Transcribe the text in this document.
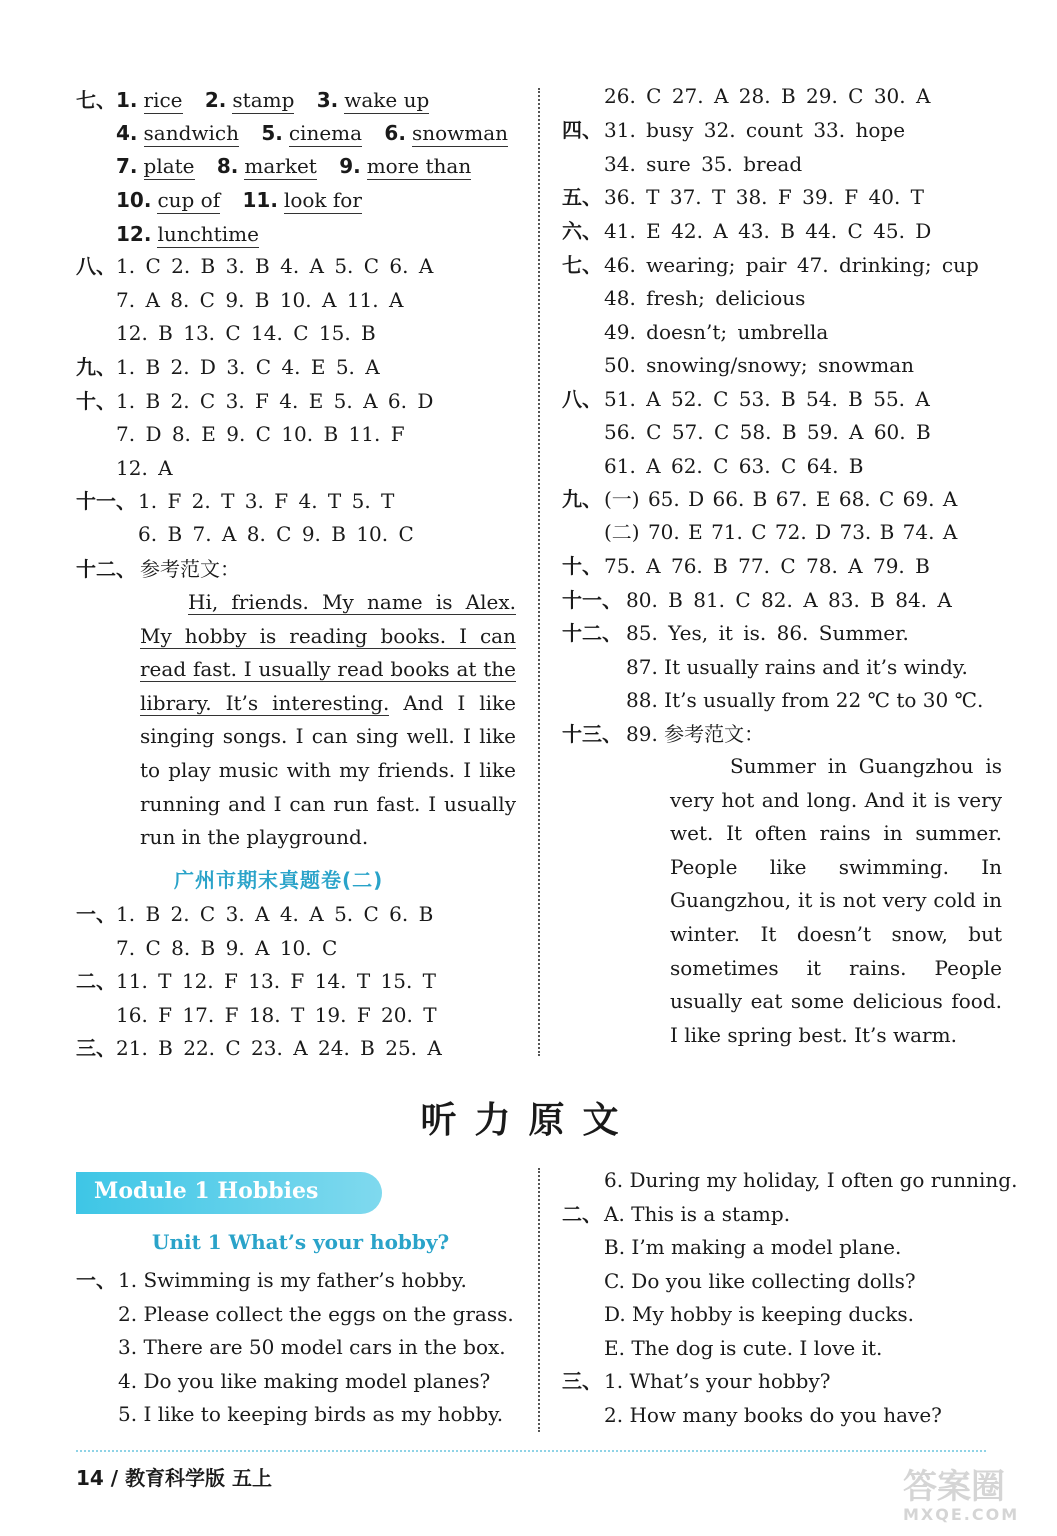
七、 1. rice 2. stamp 3. wake up
4. sandwich 5. cinema 6. snowman
7. plate 8. market 9. more than
10. cup of 11. look for
12. lunchtime
八、 1. C 2. B 3. B 4. A 5. C 6. A
7. A 8. C 9. B 10. A 11. A
12. B 13. C 14. C 15. B
九、 1. B 2. D 3. C 4. E 5. A
十、 1. B 2. C 3. F 4. E 5. A 6. D
7. D 8. E 9. C 10. B 11. F
12. A
十一、 1. F 2. T 3. F 4. T 5. T
6. B 7. A 8. C 9. B 10. C
十二、 参考范文：
Hi, friends. My name is Alex. My hobby is reading books. I can read fast. I usually read books at the library. It’s interesting. And I like singing songs. I can sing well. I like to play music with my friends. I like running and I can run fast. I usually run in the playground.
广州市期末真题卷(二)
一、 1. B 2. C 3. A 4. A 5. C 6. B
7. C 8. B 9. A 10. C
二、 11. T 12. F 13. F 14. T 15. T
16. F 17. F 18. T 19. F 20. T
三、 21. B 22. C 23. A 24. B 25. A
26. C 27. A 28. B 29. C 30. A
四、 31. busy 32. count 33. hope
34. sure 35. bread
五、 36. T 37. T 38. F 39. F 40. T
六、 41. E 42. A 43. B 44. C 45. D
七、 46. wearing; pair 47. drinking; cup
48. fresh; delicious
49. doesn’t; umbrella
50. snowing/snowy; snowman
八、 51. A 52. C 53. B 54. B 55. A
56. C 57. C 58. B 59. A 60. B
61. A 62. C 63. C 64. B
九、 (一) 65. D 66. B 67. E 68. C 69. A
(二) 70. E 71. C 72. D 73. B 74. A
十、 75. A 76. B 77. C 78. A 79. B
十一、 80. B 81. C 82. A 83. B 84. A
十二、 85. Yes, it is. 86. Summer.
87. It usually rains and it’s windy.
88. It’s usually from 22 ℃ to 30 ℃.
十三、 89. 参考范文：
Summer in Guangzhou is very hot and long. And it is very wet. It often rains in summer. People like swimming. In Guangzhou, it is not very cold in winter. It doesn’t snow, but sometimes it rains. People usually eat some delicious food. I like spring best. It’s warm.
听力原文
Module 1 Hobbies
Unit 1 What’s your hobby?
一、 1. Swimming is my father’s hobby.
2. Please collect the eggs on the grass.
3. There are 50 model cars in the box.
4. Do you like making model planes?
5. I like to keeping birds as my hobby.
6. During my holiday, I often go running.
二、 A. This is a stamp.
B. I’m making a model plane.
C. Do you like collecting dolls?
D. My hobby is keeping ducks.
E. The dog is cute. I love it.
三、 1. What’s your hobby?
2. How many books do you have?
14 / 教育科学版 五上	答案圈
MXQE.COM
